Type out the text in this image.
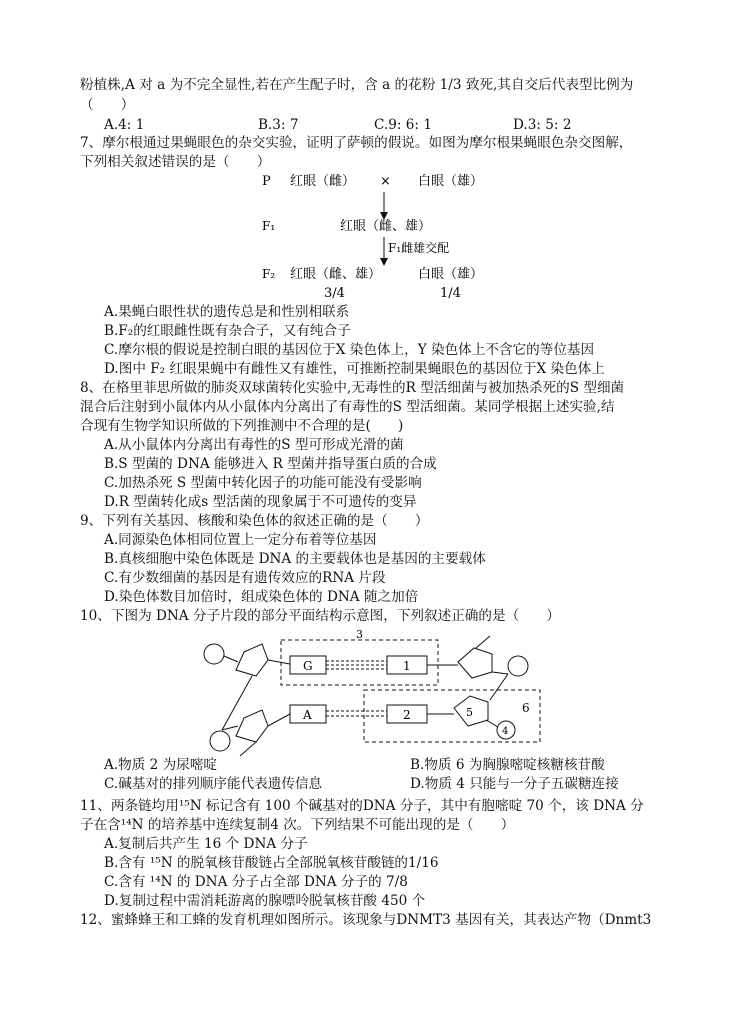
粉植株,A 对 a 为不完全显性,若在产生配子时，含 a 的花粉 1/3 致死,其自交后代表型比例为
（　　）
A.4: 1	B.3: 7	C.9: 6: 1	D.3: 5: 2
7、摩尔根通过果蝇眼色的杂交实验，证明了萨顿的假说。如图为摩尔根果蝇眼色杂交图解，
下列相关叙述错误的是（　　）
P 红眼（雌） × 白眼（雄）
F₁	红眼（雌、雄）
F₁雌雄交配
F₂ 红眼（雌、雄）	白眼（雄）
3/4	1/4
A.果蝇白眼性状的遗传总是和性别相联系
B.F₂的红眼雌性既有杂合子，又有纯合子
C.摩尔根的假说是控制白眼的基因位于X 染色体上，Y 染色体上不含它的等位基因
D.图中 F₂ 红眼果蝇中有雌性又有雄性，可推断控制果蝇眼色的基因位于X 染色体上
8、在格里菲思所做的肺炎双球菌转化实验中,无毒性的R 型活细菌与被加热杀死的S 型细菌
混合后注射到小鼠体内从小鼠体内分离出了有毒性的S 型活细菌。某同学根据上述实验,结
合现有生物学知识所做的下列推测中不合理的是(　　)
A.从小鼠体内分离出有毒性的S 型可形成光滑的菌
B.S 型菌的 DNA 能够进入 R 型菌并指导蛋白质的合成
C.加热杀死 S 型菌中转化因子的功能可能没有受影响
D.R 型菌转化成s 型活菌的现象属于不可遗传的变异
9、下列有关基因、核酸和染色体的叙述正确的是（　　）
A.同源染色体相同位置上一定分布着等位基因
B.真核细胞中染色体既是 DNA 的主要载体也是基因的主要载体
C.有少数细菌的基因是有遗传效应的RNA 片段
D.染色体数目加倍时，组成染色体的 DNA 随之加倍
10、下图为 DNA 分子片段的部分平面结构示意图，下列叙述正确的是（　　）
3
6
G	1
A	2	5
4
A.物质 2 为尿嘧啶	B.物质 6 为胸腺嘧啶核糖核苷酸
C.碱基对的排列顺序能代表遗传信息	D.物质 4 只能与一分子五碳糖连接
11、两条链均用¹⁵N 标记含有 100 个碱基对的DNA 分子，其中有胞嘧啶 70 个，该 DNA 分
子在含¹⁴N 的培养基中连续复制4 次。下列结果不可能出现的是（　　）
A.复制后共产生 16 个 DNA 分子
B.含有 ¹⁵N 的脱氧核苷酸链占全部脱氧核苷酸链的1/16
C.含有 ¹⁴N 的 DNA 分子占全部 DNA 分子的 7/8
D.复制过程中需消耗游离的腺嘌呤脱氧核苷酸 450 个
12、蜜蜂蜂王和工蜂的发育机理如图所示。该现象与DNMT3 基因有关，其表达产物（Dnmt3
